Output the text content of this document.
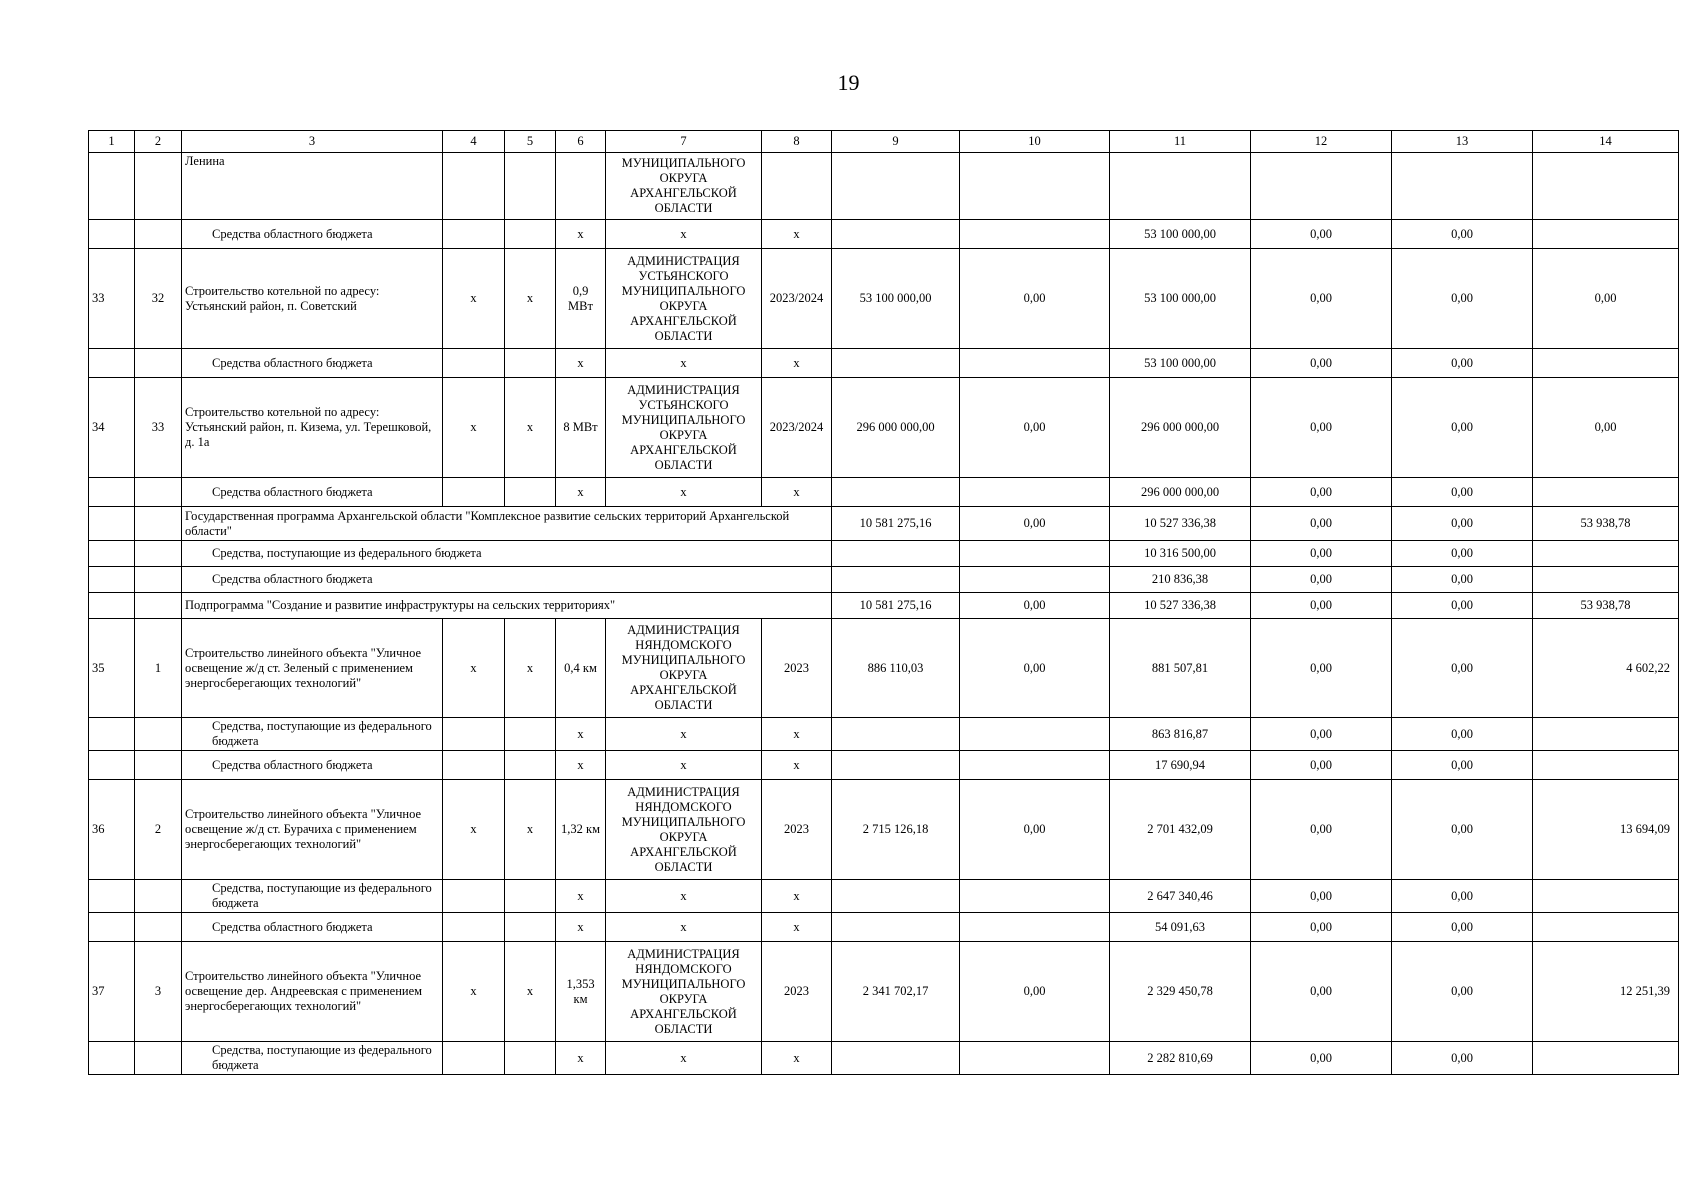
19
1	2	3	4	5	6	7	8	9	10	11	12	13	14
		Ленина				МУНИЦИПАЛЬНОГО ОКРУГА АРХАНГЕЛЬСКОЙ ОБЛАСТИ							
		Средства областного бюджета			х	х	х			53 100 000,00	0,00	0,00	
33	32	Строительство котельной по адресу: Устьянский район, п. Советский	х	х	0,9 МВт	АДМИНИСТРАЦИЯ УСТЬЯНСКОГО МУНИЦИПАЛЬНОГО ОКРУГА АРХАНГЕЛЬСКОЙ ОБЛАСТИ	2023/2024	53 100 000,00	0,00	53 100 000,00	0,00	0,00	0,00
		Средства областного бюджета			х	х	х			53 100 000,00	0,00	0,00	
34	33	Строительство котельной по адресу: Устьянский район, п. Кизема, ул. Терешковой, д. 1а	х	х	8 МВт	АДМИНИСТРАЦИЯ УСТЬЯНСКОГО МУНИЦИПАЛЬНОГО ОКРУГА АРХАНГЕЛЬСКОЙ ОБЛАСТИ	2023/2024	296 000 000,00	0,00	296 000 000,00	0,00	0,00	0,00
		Средства областного бюджета			х	х	х			296 000 000,00	0,00	0,00	
		Государственная программа Архангельской области "Комплексное развитие сельских территорий Архангельской области"						10 581 275,16	0,00	10 527 336,38	0,00	0,00	53 938,78
		Средства, поступающие из федерального бюджета								10 316 500,00	0,00	0,00	
		Средства областного бюджета								210 836,38	0,00	0,00	
		Подпрограмма "Создание и развитие инфраструктуры на сельских территориях"						10 581 275,16	0,00	10 527 336,38	0,00	0,00	53 938,78
35	1	Строительство линейного объекта "Уличное освещение ж/д ст. Зеленый с применением энергосберегающих технологий"	х	х	0,4 км	АДМИНИСТРАЦИЯ НЯНДОМСКОГО МУНИЦИПАЛЬНОГО ОКРУГА АРХАНГЕЛЬСКОЙ ОБЛАСТИ	2023	886 110,03	0,00	881 507,81	0,00	0,00	4 602,22
		Средства, поступающие из федерального бюджета			х	х	х			863 816,87	0,00	0,00	
		Средства областного бюджета			х	х	х			17 690,94	0,00	0,00	
36	2	Строительство линейного объекта "Уличное освещение ж/д ст. Бурачиха с применением энергосберегающих технологий"	х	х	1,32 км	АДМИНИСТРАЦИЯ НЯНДОМСКОГО МУНИЦИПАЛЬНОГО ОКРУГА АРХАНГЕЛЬСКОЙ ОБЛАСТИ	2023	2 715 126,18	0,00	2 701 432,09	0,00	0,00	13 694,09
		Средства, поступающие из федерального бюджета			х	х	х			2 647 340,46	0,00	0,00	
		Средства областного бюджета			х	х	х			54 091,63	0,00	0,00	
37	3	Строительство линейного объекта "Уличное освещение дер. Андреевская с применением энергосберегающих технологий"	х	х	1,353 км	АДМИНИСТРАЦИЯ НЯНДОМСКОГО МУНИЦИПАЛЬНОГО ОКРУГА АРХАНГЕЛЬСКОЙ ОБЛАСТИ	2023	2 341 702,17	0,00	2 329 450,78	0,00	0,00	12 251,39
		Средства, поступающие из федерального бюджета			х	х	х			2 282 810,69	0,00	0,00	
